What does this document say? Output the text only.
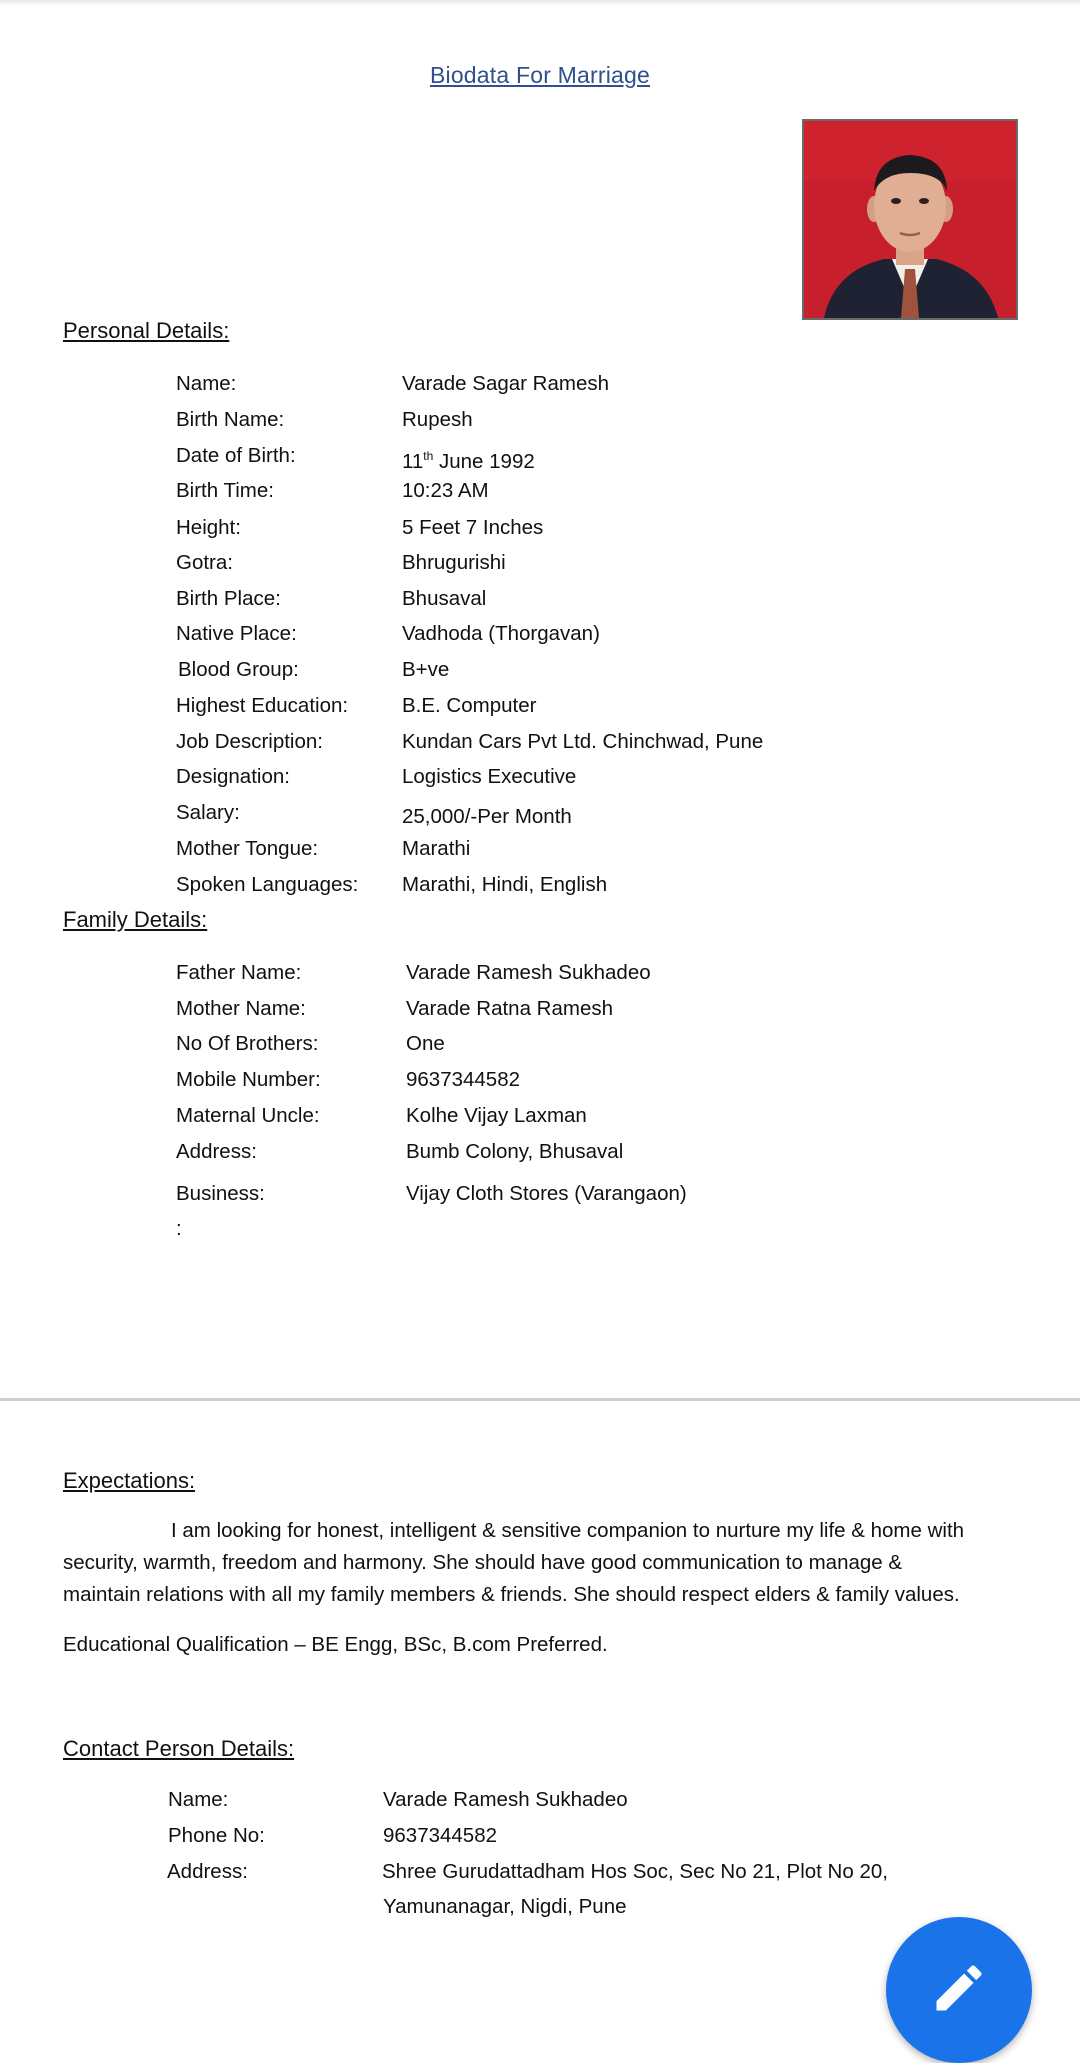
Biodata For Marriage
Personal Details:
Name:	Varade Sagar Ramesh
Birth Name:	Rupesh
Date of Birth:	11th June 1992
Birth Time:	10:23 AM
Height:	5 Feet 7 Inches
Gotra:	Bhrugurishi
Birth Place:	Bhusaval
Native Place:	Vadhoda (Thorgavan)
Blood Group:	B+ve
Highest Education:	B.E. Computer
Job Description:	Kundan Cars Pvt Ltd. Chinchwad, Pune
Designation:	Logistics Executive
Salary:	25,000/-Per Month
Mother Tongue:	Marathi
Spoken Languages: Marathi, Hindi, English
Family Details:
Father Name:	Varade Ramesh Sukhadeo
Mother Name:	Varade Ratna Ramesh
No Of Brothers:	One
Mobile Number:	9637344582
Maternal Uncle:	Kolhe Vijay Laxman
Address:	Bumb Colony, Bhusaval
Business:	Vijay Cloth Stores (Varangaon)
:
Expectations:
I am looking for honest, intelligent & sensitive companion to nurture my life & home with
security, warmth, freedom and harmony. She should have good communication to manage &
maintain relations with all my family members & friends. She should respect elders & family values.
Educational Qualification – BE Engg, BSc, B.com Preferred.
Contact Person Details:
Name:	Varade Ramesh Sukhadeo
Phone No:	9637344582
Address:	Shree Gurudattadham Hos Soc, Sec No 21, Plot No 20,
Yamunanagar, Nigdi, Pune
